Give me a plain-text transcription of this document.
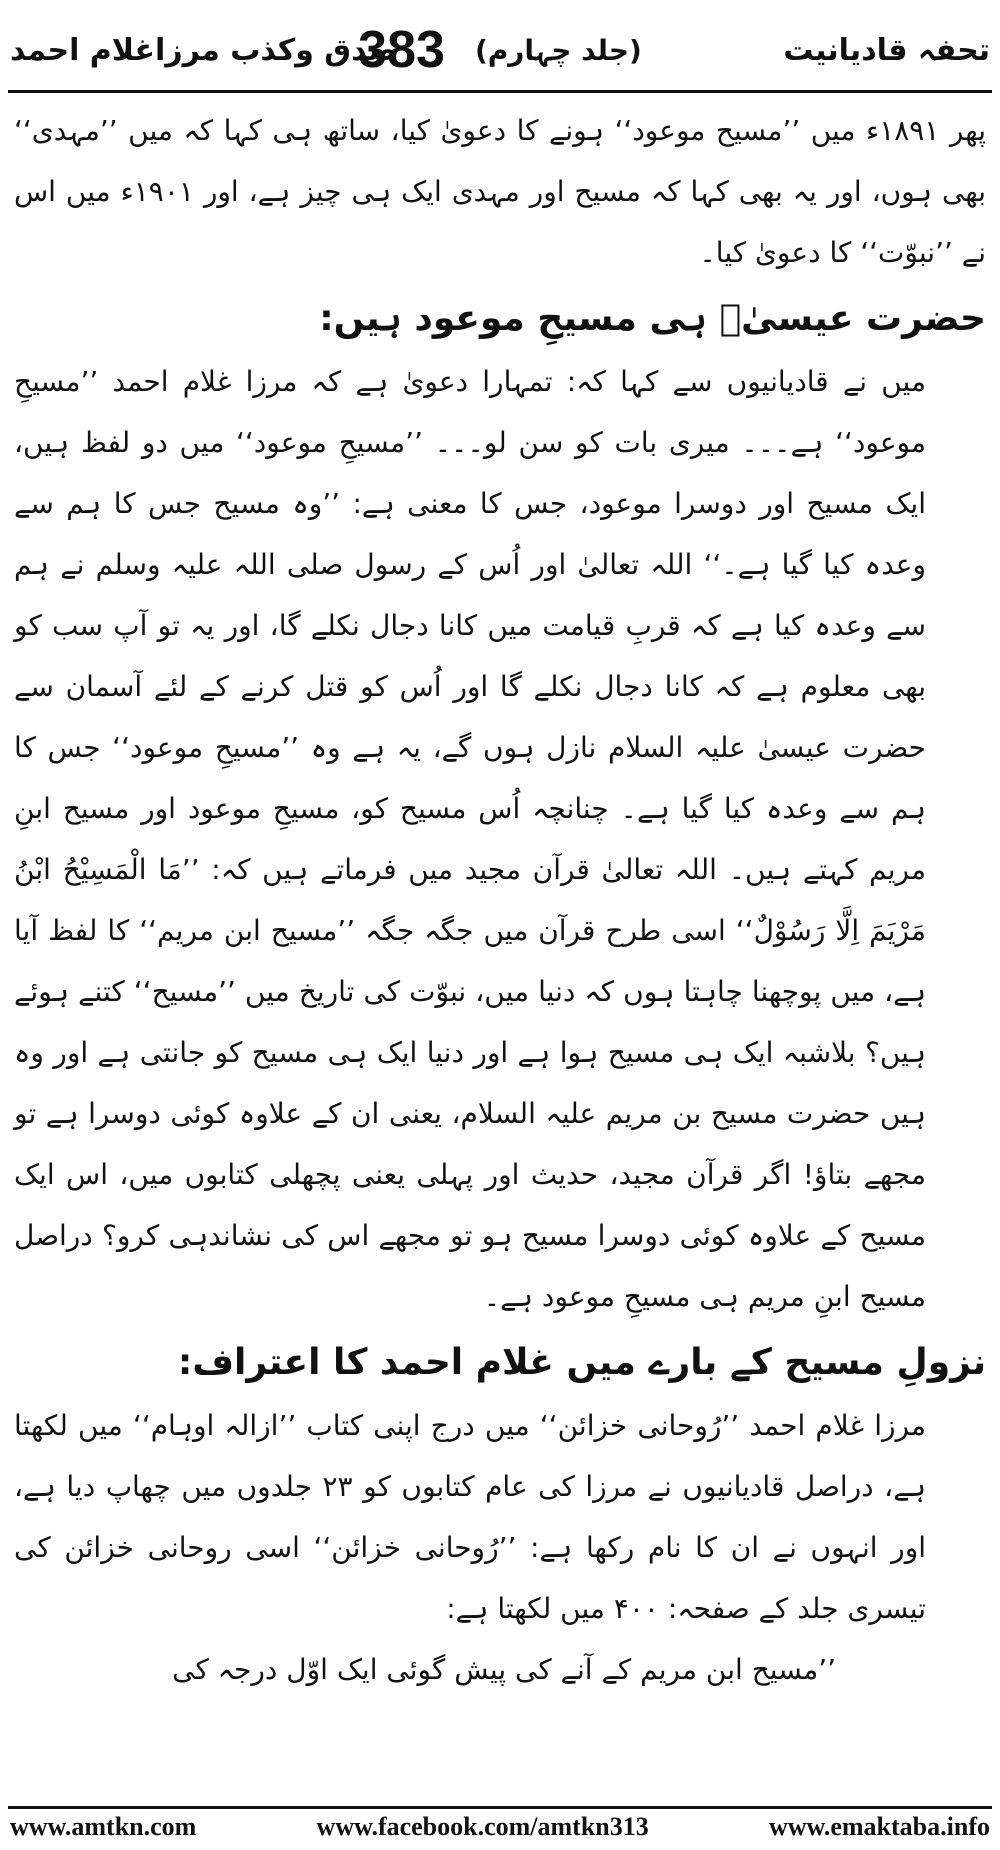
صدق وکذب مرزاغلام احمد
383 (جلد چہارم)	تحفہ قادیانیت

پھر ۱۸۹۱ء میں ’’مسیح موعود‘‘ ہونے کا دعویٰ کیا، ساتھ ہی کہا کہ میں ’’مہدی‘‘ بھی ہوں، اور یہ بھی کہا کہ مسیح اور مہدی ایک ہی چیز ہے، اور ۱۹۰۱ء میں اس نے ’’نبوّت‘‘ کا دعویٰ کیا۔

حضرت عیسیٰؑ ہی مسیحِ موعود ہیں:

میں نے قادیانیوں سے کہا کہ: تمہارا دعویٰ ہے کہ مرزا غلام احمد ’’مسیحِ موعود‘‘ ہے۔۔۔ میری بات کو سن لو۔۔۔ ’’مسیحِ موعود‘‘ میں دو لفظ ہیں، ایک مسیح اور دوسرا موعود، جس کا معنی ہے: ’’وہ مسیح جس کا ہم سے وعدہ کیا گیا ہے۔‘‘ اللہ تعالیٰ اور اُس کے رسول صلی اللہ علیہ وسلم نے ہم سے وعدہ کیا ہے کہ قربِ قیامت میں کانا دجال نکلے گا، اور یہ تو آپ سب کو بھی معلوم ہے کہ کانا دجال نکلے گا اور اُس کو قتل کرنے کے لئے آسمان سے حضرت عیسیٰ علیہ السلام نازل ہوں گے، یہ ہے وہ ’’مسیحِ موعود‘‘ جس کا ہم سے وعدہ کیا گیا ہے۔ چنانچہ اُس مسیح کو، مسیحِ موعود اور مسیح ابنِ مریم کہتے ہیں۔ اللہ تعالیٰ قرآن مجید میں فرماتے ہیں کہ: ’’مَا الْمَسِیْحُ ابْنُ مَرْیَمَ اِلَّا رَسُوْلٌ‘‘ اسی طرح قرآن میں جگہ جگہ ’’مسیح ابن مریم‘‘ کا لفظ آیا ہے، میں پوچھنا چاہتا ہوں کہ دنیا میں، نبوّت کی تاریخ میں ’’مسیح‘‘ کتنے ہوئے ہیں؟ بلاشبہ ایک ہی مسیح ہوا ہے اور دنیا ایک ہی مسیح کو جانتی ہے اور وہ ہیں حضرت مسیح بن مریم علیہ السلام، یعنی ان کے علاوہ کوئی دوسرا ہے تو مجھے بتاؤ! اگر قرآن مجید، حدیث اور پہلی یعنی پچھلی کتابوں میں، اس ایک مسیح کے علاوہ کوئی دوسرا مسیح ہو تو مجھے اس کی نشاندہی کرو؟ دراصل مسیح ابنِ مریم ہی مسیحِ موعود ہے۔

نزولِ مسیح کے بارے میں غلام احمد کا اعتراف:

مرزا غلام احمد ’’رُوحانی خزائن‘‘ میں درج اپنی کتاب ’’ازالہ اوہام‘‘ میں لکھتا ہے، دراصل قادیانیوں نے مرزا کی عام کتابوں کو ۲۳ جلدوں میں چھاپ دیا ہے، اور انہوں نے ان کا نام رکھا ہے: ’’رُوحانی خزائن‘‘ اسی روحانی خزائن کی تیسری جلد کے صفحہ: ۴۰۰ میں لکھتا ہے:

’’مسیح ابن مریم کے آنے کی پیش گوئی ایک اوّل درجہ کی

www.amtkn.com	www.facebook.com/amtkn313	www.emaktaba.info
